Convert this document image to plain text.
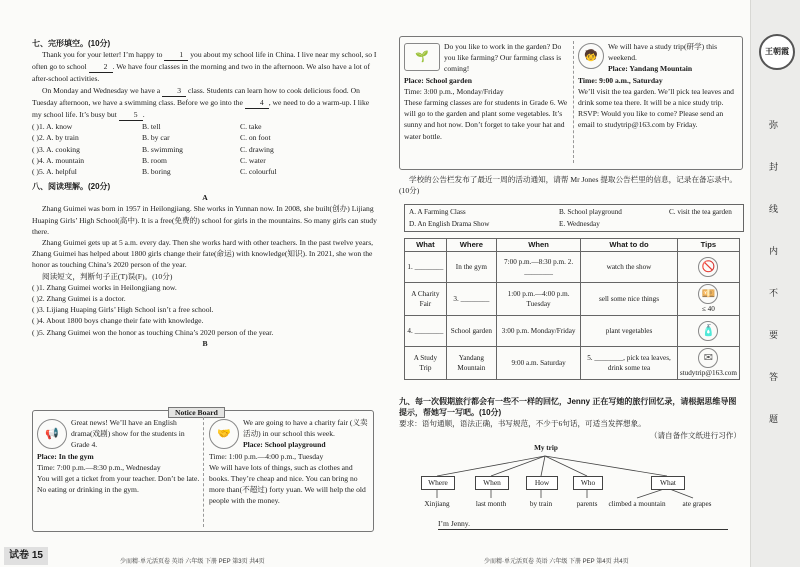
七、完形填空。(10分)

Thank you for your letter! I’m happy to 1 you about my school life in China. I live near my school, so I often go to school 2 . We have four classes in the morning and two in the afternoon. We also have a lot of after-school activities.

On Monday and Wednesday we have a 3 class. Students can learn how to cook delicious food. On Tuesday afternoon, we have a swimming class. Before we go into the 4 , we need to do a warm-up. I like my school life. It’s busy but 5 .

( )1. A. know	B. tell	C. take
( )2. A. by train	B. by car	C. on foot
( )3. A. cooking	B. swimming	C. drawing
( )4. A. mountain	B. room	C. water
( )5. A. helpful	B. boring	C. colourful
八、阅读理解。(20分)
A

Zhang Guimei was born in 1957 in Heilongjiang. She works in Yunnan now. In 2008, she built(创办) Lijiang Huaping Girls’ High School(高中). It is a free(免费的) school for girls in the mountains. So many girls can study there.

Zhang Guimei gets up at 5 a.m. every day. Then she works hard with other teachers. In the past twelve years, Zhang Guimei has helped about 1800 girls change their fate(命运) with knowledge(知识). In 2021, she won the honor as touching China’s 2020 person of the year.

阅读短文，判断句子正(T)误(F)。(10分)

( )1. Zhang Guimei works in Heilongjiang now.

( )2. Zhang Guimei is a doctor.

( )3. Lijiang Huaping Girls’ High School isn’t a free school.

( )4. About 1800 boys change their fate with knowledge.

( )5. Zhang Guimei won the honor as touching China’s 2020 person of the year.

B
Notice Board
📢

Great news! We’ll have an English drama(戏剧) show for the students in Grade 4.

Place: In the gym

Time: 7:00 p.m.—8:30 p.m., Wednesday

You will get a ticket from your teacher. Don’t be late. No eating or drinking in the gym.

🤝

We are going to have a charity fair (义卖活动) in our school this week.

Place: School playground

Time: 1:00 p.m.—4:00 p.m., Tuesday

We will have lots of things, such as clothes and books. They’re cheap and nice. You can bring no more than(不超过) forty yuan. We will help the old people with the money.

试卷 15
少而精·单元活页卷 英语 六年级 下册 PEP 第3页 共4页
🌱

Do you like to work in the garden? Do you like farming? Our farming class is coming!

Place: School garden

Time: 3:00 p.m., Monday/Friday

These farming classes are for students in Grade 6. We will go to the garden and plant some vegetables. It’s sunny and hot now. Don’t forget to take your hat and water bottle.

🧒

We will have a study trip(研学) this weekend.

Place: Yandang Mountain

Time: 9:00 a.m., Saturday

We’ll visit the tea garden. We’ll pick tea leaves and drink some tea there. It will be a nice study trip.

RSVP: Would you like to come? Please send an email to studytrip@163.com by Friday.

学校的公告栏发布了最近一周的活动通知，请帮 Mr Jones 提取公告栏里的信息，记录在备忘录中。(10分)
A. A Farming Class	B. School playground	C. visit the tea garden
D. An English Drama Show	E. Wednesday
What	Where	When	What to do	Tips
1. ________	In the gym	7:00 p.m.—8:30 p.m. 2. ________	watch the show	🚫
A Charity Fair	3. ________	1:00 p.m.—4:00 p.m. Tuesday	sell some nice things	💴
≤ 40

4. ________	School garden	3:00 p.m. Monday/Friday	plant vegetables	🧴
A Study Trip	Yandang Mountain	9:00 a.m. Saturday	5. ________, pick tea leaves, drink some tea	✉
studytrip@163.com

九、每一次假期旅行都会有一些不一样的回忆，Jenny 正在写她的旅行回忆录，请根据思维导图提示，帮她写一写吧。(10分)

要求：语句通顺，语法正确，书写规范，不少于6句话，可适当发挥想象。

（请自备作文纸进行习作）

My trip
Where	When	How	Who	What
Xinjiang	last month	by train	parents	climbed a mountain	ate grapes
I’m Jenny.
少而精·单元活页卷 英语 六年级 下册 PEP 第4页 共4页
王朝霞
弥
封
线
内
不
要
答
题
